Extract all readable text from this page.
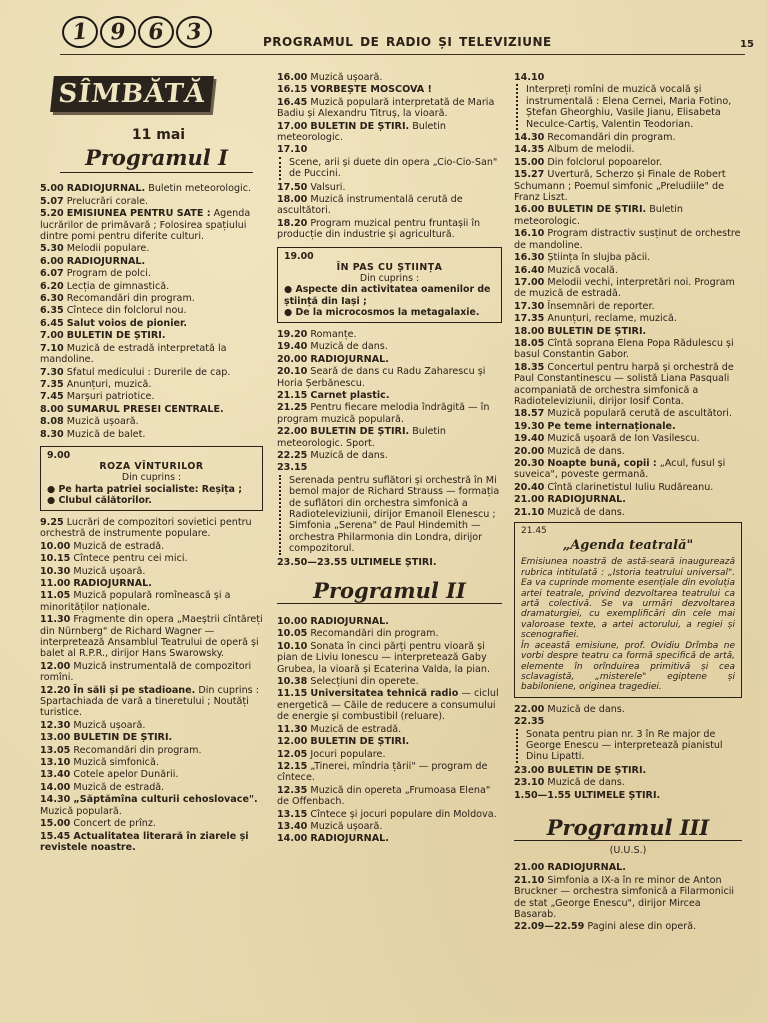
1 9 6 3	PROGRAMUL DE RADIO ȘI TELEVIZIUNE	15
SÎMBĂTĂ
11 mai
Programul I
5.00 RADIOJURNAL. Buletin meteorologic.
5.07 Prelucrări corale.
5.20 EMISIUNEA PENTRU SATE : Agenda lucrărilor de primăvară ; Folosirea spațiului dintre pomi pentru diferite culturi.
5.30 Melodii populare.
6.00 RADIOJURNAL.
6.07 Program de polci.
6.20 Lecția de gimnastică.
6.30 Recomandări din program.
6.35 Cîntece din folclorul nou.
6.45 Salut voios de pionier.
7.00 BULETIN DE ȘTIRI.
7.10 Muzică de estradă interpretată la mandoline.
7.30 Sfatul medicului : Durerile de cap.
7.35 Anunțuri, muzică.
7.45 Marșuri patriotice.
8.00 SUMARUL PRESEI CENTRALE.
8.08 Muzică ușoară.
8.30 Muzică de balet.
9.00
ROZA VÎNTURILOR
Din cuprins :
● Pe harta patriei socialiste: Reșița ;
● Clubul călătorilor.
9.25 Lucrări de compozitori sovietici pentru orchestră de instrumente populare.
10.00 Muzică de estradă.
10.15 Cîntece pentru cei mici.
10.30 Muzică ușoară.
11.00 RADIOJURNAL.
11.05 Muzică populară romînească și a minorităților naționale.
11.30 Fragmente din opera „Maeștrii cîntăreți din Nürnberg" de Richard Wagner — interpretează Ansamblul Teatrului de operă și balet al R.P.R., dirijor Hans Swarowsky.
12.00 Muzică instrumentală de compozitori romîni.
12.20 În săli și pe stadioane. Din cuprins : Spartachiada de vară a tineretului ; Noutăți turistice.
12.30 Muzică ușoară.
13.00 BULETIN DE ȘTIRI.
13.05 Recomandări din program.
13.10 Muzică simfonică.
13.40 Cotele apelor Dunării.
14.00 Muzică de estradă.
14.30 „Săptămîna culturii cehoslovace". Muzică populară.
15.00 Concert de prînz.
15.45 Actualitatea literară în ziarele și revistele noastre.
16.00 Muzică ușoară.
16.15 VORBEȘTE MOSCOVA !
16.45 Muzică populară interpretată de Maria Badiu și Alexandru Titruș, la vioară.
17.00 BULETIN DE ȘTIRI. Buletin meteorologic.
17.10
Scene, arii și duete din opera „Cio-Cio-San" de Puccini.
17.50 Valsuri.
18.00 Muzică instrumentală cerută de ascultători.
18.20 Program muzical pentru fruntașii în producție din industrie și agricultură.
19.00
ÎN PAS CU ȘTIINȚA
Din cuprins :
● Aspecte din activitatea oamenilor de știință din Iași ;
● De la microcosmos la metagalaxie.
19.20 Romanțe.
19.40 Muzică de dans.
20.00 RADIOJURNAL.
20.10 Seară de dans cu Radu Zaharescu și Horia Șerbănescu.
21.15 Carnet plastic.
21.25 Pentru fiecare melodia îndrăgită — în program muzică populară.
22.00 BULETIN DE ȘTIRI. Buletin meteorologic. Sport.
22.25 Muzică de dans.
23.15
Serenada pentru suflători și orchestră în Mi bemol major de Richard Strauss — formația de suflători din orchestra simfonică a Radioteleviziunii, dirijor Emanoil Elenescu ; Simfonia „Serena" de Paul Hindemith — orchestra Philarmonia din Londra, dirijor compozitorul.
23.50—23.55 ULTIMELE ȘTIRI.
Programul II
10.00 RADIOJURNAL.
10.05 Recomandări din program.
10.10 Sonata în cinci părți pentru vioară și pian de Liviu Ionescu — interpretează Gaby Grubea, la vioară și Ecaterina Valda, la pian.
10.38 Selecțiuni din operete.
11.15 Universitatea tehnică radio — ciclul energetică — Căile de reducere a consumului de energie și combustibil (reluare).
11.30 Muzică de estradă.
12.00 BULETIN DE ȘTIRI.
12.05 Jocuri populare.
12.15 „Tinerei, mîndria țării" — program de cîntece.
12.35 Muzică din opereta „Frumoasa Elena" de Offenbach.
13.15 Cîntece și jocuri populare din Moldova.
13.40 Muzică ușoară.
14.00 RADIOJURNAL.
14.10
Interpreți romîni de muzică vocală și instrumentală : Elena Cernei, Maria Fotino, Ștefan Gheorghiu, Vasile Jianu, Elisabeta Neculce-Cartiș, Valentin Teodorian.
14.30 Recomandări din program.
14.35 Album de melodii.
15.00 Din folclorul popoarelor.
15.27 Uvertură, Scherzo și Finale de Robert Schumann ; Poemul simfonic „Preludiile" de Franz Liszt.
16.00 BULETIN DE ȘTIRI. Buletin meteorologic.
16.10 Program distractiv susținut de orchestre de mandoline.
16.30 Știința în slujba păcii.
16.40 Muzică vocală.
17.00 Melodii vechi, interpretări noi. Program de muzică de estradă.
17.30 Însemnări de reporter.
17.35 Anunțuri, reclame, muzică.
18.00 BULETIN DE ȘTIRI.
18.05 Cîntă soprana Elena Popa Rădulescu și basul Constantin Gabor.
18.35 Concertul pentru harpă și orchestră de Paul Constantinescu — solistă Liana Pasquali acompaniată de orchestra simfonică a Radioteleviziunii, dirijor Iosif Conta.
18.57 Muzică populară cerută de ascultători.
19.30 Pe teme internaționale.
19.40 Muzică ușoară de Ion Vasilescu.
20.00 Muzică de dans.
20.30 Noapte bună, copii : „Acul, fusul și suveica", poveste germană.
20.40 Cîntă clarinetistul Iuliu Rudăreanu.
21.00 RADIOJURNAL.
21.10 Muzică de dans.
21.45
„Agenda teatrală"
Emisiunea noastră de astă-seară inaugurează rubrica intitulată : „Istoria teatrului universal". Ea va cuprinde momente esențiale din evoluția artei teatrale, privind dezvoltarea teatrului ca artă colectivă. Se va urmări dezvoltarea dramaturgiei, cu exemplificări din cele mai valoroase texte, a artei actorului, a regiei și scenografiei.
În această emisiune, prof. Ovidiu Drîmba ne vorbi despre teatru ca formă specifică de artă, elemente în orînduirea primitivă și cea sclavagistă, „misterele" egiptene și babiloniene, originea tragediei.
22.00 Muzică de dans.
22.35
Sonata pentru pian nr. 3 în Re major de George Enescu — interpretează pianistul Dinu Lipatti.
23.00 BULETIN DE ȘTIRI.
23.10 Muzică de dans.
1.50—1.55 ULTIMELE ȘTIRI.
Programul III
(U.U.S.)
21.00 RADIOJURNAL.
21.10 Simfonia a IX-a în re minor de Anton Bruckner — orchestra simfonică a Filarmonicii de stat „George Enescu", dirijor Mircea Basarab.
22.09—22.59 Pagini alese din operă.
